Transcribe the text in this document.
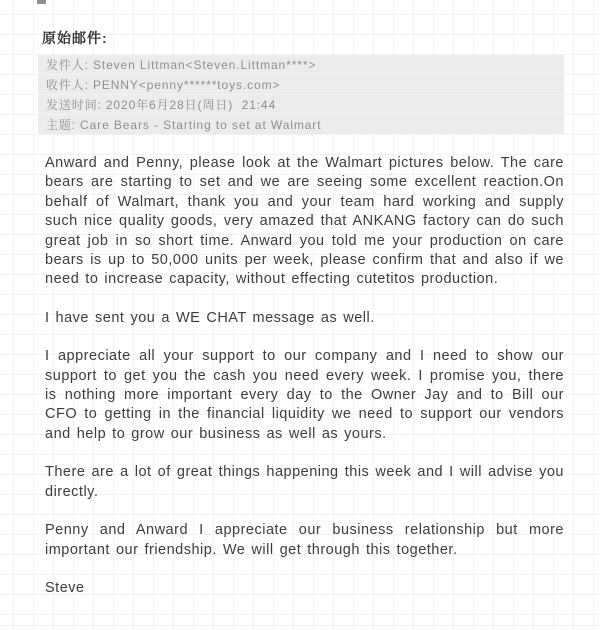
原始邮件:
发件人: Steven Littman<Steven.Littman****>
收件人: PENNY<penny******toys.com>
发送时间: 2020年6月28日(周日)  21:44
主题: Care Bears - Starting to set at Walmart

Anward and Penny, please look at the Walmart pictures below. The care bears are starting to set and we are seeing some excellent reaction.On behalf of Walmart, thank you and your team hard working and supply such nice quality goods, very amazed that ANKANG factory can do such great job in so short time. Anward you told me your production on care bears is up to 50,000 units per week, please confirm that and also if we need to increase capacity, without effecting cutetitos production.

I have sent you a WE CHAT message as well.

I appreciate all your support to our company and I need to show our support to get you the cash you need every week. I promise you, there is nothing more important every day to the Owner Jay and to Bill our CFO to getting in the financial liquidity we need to support our vendors and help to grow our business as well as yours.

There are a lot of great things happening this week and I will advise you directly.

Penny and Anward I appreciate our business relationship but more important our friendship. We will get through this together.

Steve
